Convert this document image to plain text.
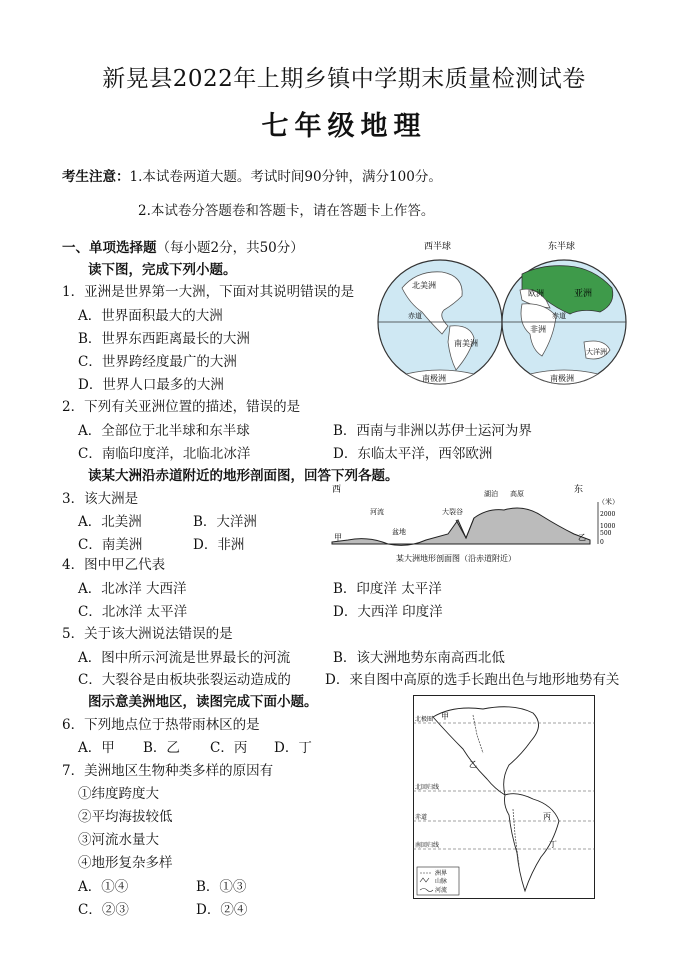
新晃县2022年上期乡镇中学期末质量检测试卷
七年级地理
考生注意：1.本试卷两道大题。考试时间90分钟，满分100分。
2.本试卷分答题卷和答题卡，请在答题卡上作答。
一、单项选择题（每小题2分，共50分）
读下图，完成下列小题。
1．亚洲是世界第一大洲，下面对其说明错误的是
A．世界面积最大的大洲
B．世界东西距离最长的大洲
C．世界跨经度最广的大洲
D．世界人口最多的大洲
2．下列有关亚洲位置的描述，错误的是
A．全部位于北半球和东半球	B．西南与非洲以苏伊士运河为界
C．南临印度洋，北临北冰洋	D．东临太平洋，西邻欧洲
读某大洲沿赤道附近的地形剖面图，回答下列各题。
3．该大洲是
A．北美洲	B．大洋洲
C．南美洲	D．非洲
4．图中甲乙代表
A．北冰洋 大西洋	B．印度洋 太平洋
C．北冰洋 太平洋	D．大西洋 印度洋
5．关于该大洲说法错误的是
A．图中所示河流是世界最长的河流	B．该大洲地势东南高西北低
C．大裂谷是由板块张裂运动造成的	D．来自图中高原的选手长跑出色与地形地势有关
图示意美洲地区，读图完成下面小题。
6．下列地点位于热带雨林区的是
A．甲 B．乙 C．丙 D．丁
7．美洲地区生物种类多样的原因有
①纬度跨度大
②平均海拔较低
③河流水量大
④地形复杂多样
A．①④	B．①③
C．②③	D．②④
西半球	东半球
北美洲
南美洲
南极洲
赤道
欧洲	亚洲
非洲
大洋洲
赤道
南极洲
西	东
（米）
2000
1000
500
0
河流
盆地
大裂谷
湖泊 高原
甲	乙
某大洲地形剖面图（沿赤道附近）
甲
乙
丙
丁
北极圈
北回归线
赤道
南回归线
洲界
山脉
河流
